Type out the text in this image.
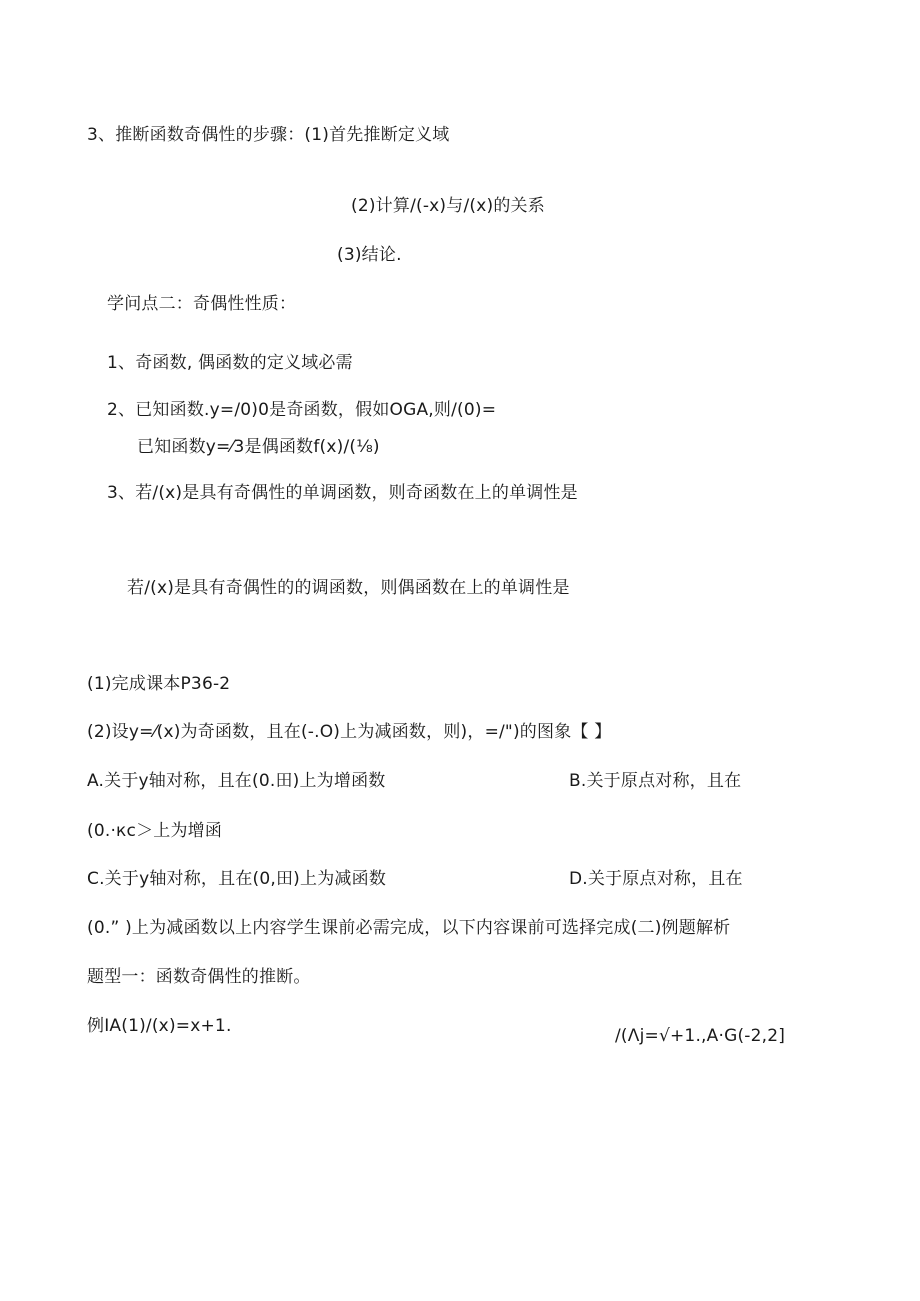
3、推断函数奇偶性的步骤：(1)首先推断定义域
(2)计算/(-x)与/(x)的关系
(3)结论.
学问点二：奇偶性性质：
1、奇函数, 偶函数的定义域必需
2、已知函数.y=/0)0是奇函数，假如OGA,则/(0)=
已知函数y=⁄3是偶函数f(x)/(⅛)
3、若/(x)是具有奇偶性的单调函数，则奇函数在上的单调性是
若/(x)是具有奇偶性的的调函数，则偶函数在上的单调性是
(1)完成课本P36-2
(2)设y=⁄(x)为奇函数，且在(-.O)上为减函数，则)，=/")的图象【 】
A.关于y轴对称，且在(0.田)上为增函数	B.关于原点对称，且在
(0.·кс＞上为增函
C.关于y轴对称，且在(0,田)上为减函数	D.关于原点对称，且在
(0.” )上为减函数以上内容学生课前必需完成，以下内容课前可选择完成(二)例题解析
题型一：函数奇偶性的推断。
例IA(1)/(x)=x+1.	/(Λj=√+1.,A·G(-2,2]
